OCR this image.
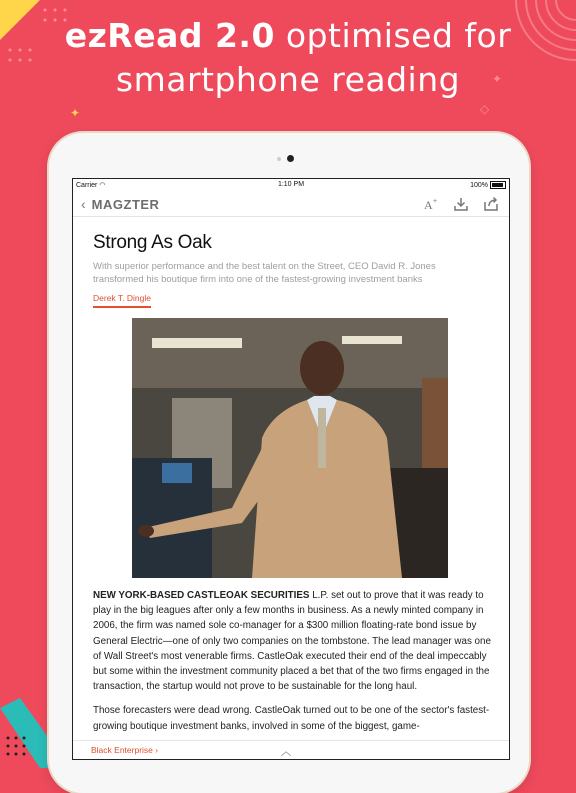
✦	◇
✦
ezRead 2.0 optimised for
smartphone reading
Carrier ◠	1:10 PM	100%
‹ MAGZTER	A +
Strong As Oak
With superior performance and the best talent on the Street, CEO David R. Jones transformed his boutique firm into one of the fastest-growing investment banks
Derek T. Dingle

NEW YORK-BASED CASTLEOAK SECURITIES L.P. set out to prove that it was ready to play in the big leagues after only a few months in business. As a newly minted company in 2006, the firm was named sole co-manager for a $300 million floating-rate bond issue by General Electric—one of only two companies on the tombstone. The lead manager was one of Wall Street's most venerable firms. CastleOak executed their end of the deal impeccably but some within the investment community placed a bet that of the two firms engaged in the transaction, the startup would not prove to be sustainable for the long haul.

Those forecasters were dead wrong. CastleOak turned out to be one of the sector's fastest-growing boutique investment banks, involved in some of the biggest, game-

Black Enterprise ›	︿
